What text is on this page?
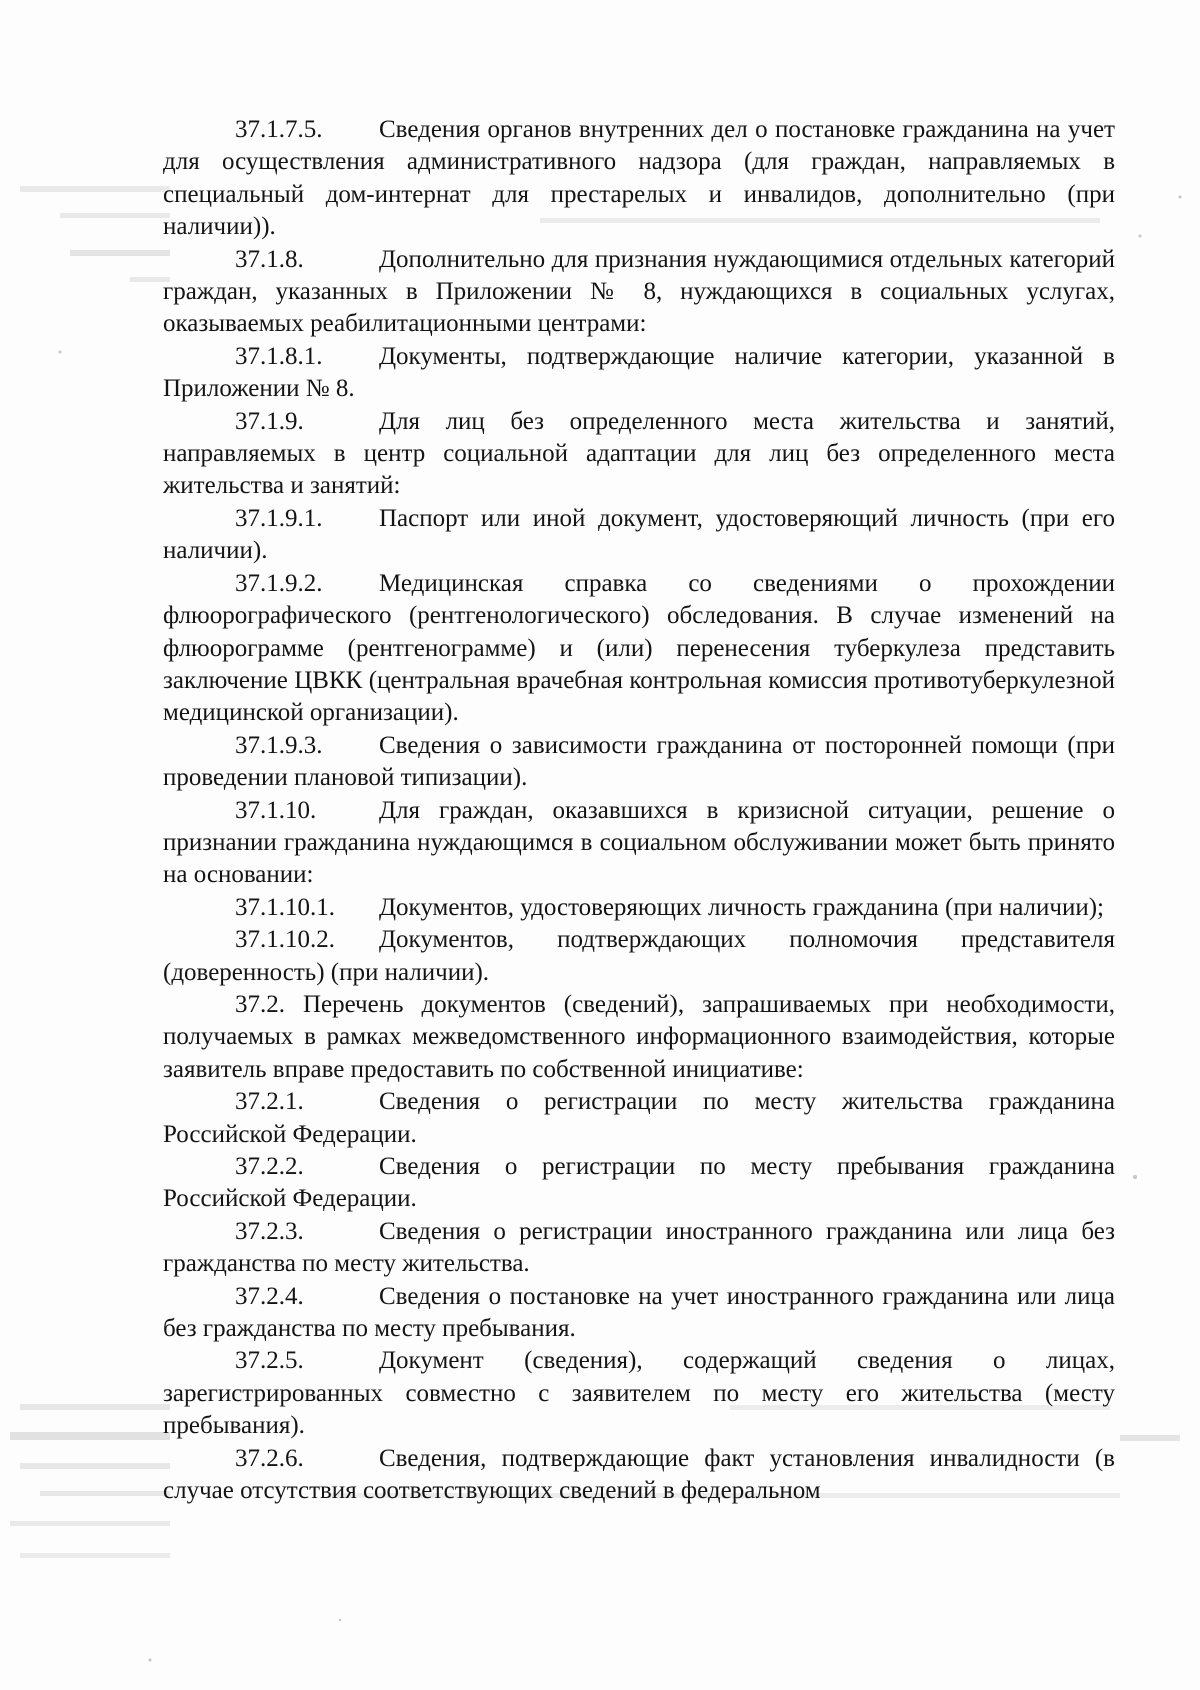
37.1.7.5. Сведения органов внутренних дел о постановке гражданина на учет для осуществления административного надзора (для граждан, направляемых в специальный дом-интернат для престарелых и инвалидов, дополнительно (при наличии)).

37.1.8.	Дополнительно для признания нуждающимися отдельных категорий граждан, указанных в Приложении № 8, нуждающихся в социальных услугах, оказываемых реабилитационными центрами:

37.1.8.1. Документы, подтверждающие наличие категории, указанной в Приложении № 8.

37.1.9.	Для лиц без определенного места жительства и занятий, направляемых в центр социальной адаптации для лиц без определенного места жительства и занятий:

37.1.9.1. Паспорт или иной документ, удостоверяющий личность (при его наличии).

37.1.9.2. Медицинская справка со сведениями о прохождении флюорографического (рентгенологического) обследования. В случае изменений на флюорограмме (рентгенограмме) и (или) перенесения туберкулеза представить заключение ЦВКК (центральная врачебная контрольная комиссия противотуберкулезной медицинской организации).

37.1.9.3. Сведения о зависимости гражданина от посторонней помощи (при проведении плановой типизации).

37.1.10.	Для граждан, оказавшихся в кризисной ситуации, решение о признании гражданина нуждающимся в социальном обслуживании может быть принято на основании:

37.1.10.1. Документов, удостоверяющих личность гражданина (при наличии);

37.1.10.2. Документов, подтверждающих полномочия представителя (доверенность) (при наличии).

37.2. Перечень документов (сведений), запрашиваемых при необходимости, получаемых в рамках межведомственного информационного взаимодействия, которые заявитель вправе предоставить по собственной инициативе:

37.2.1.	Сведения о регистрации по месту жительства гражданина Российской Федерации.

37.2.2.	Сведения о регистрации по месту пребывания гражданина Российской Федерации.

37.2.3.	Сведения о регистрации иностранного гражданина или лица без гражданства по месту жительства.

37.2.4.	Сведения о постановке на учет иностранного гражданина или лица без гражданства по месту пребывания.

37.2.5.	Документ (сведения), содержащий сведения о лицах, зарегистрированных совместно с заявителем по месту его жительства (месту пребывания).

37.2.6.	Сведения, подтверждающие факт установления инвалидности (в случае отсутствия соответствующих сведений в федеральном
